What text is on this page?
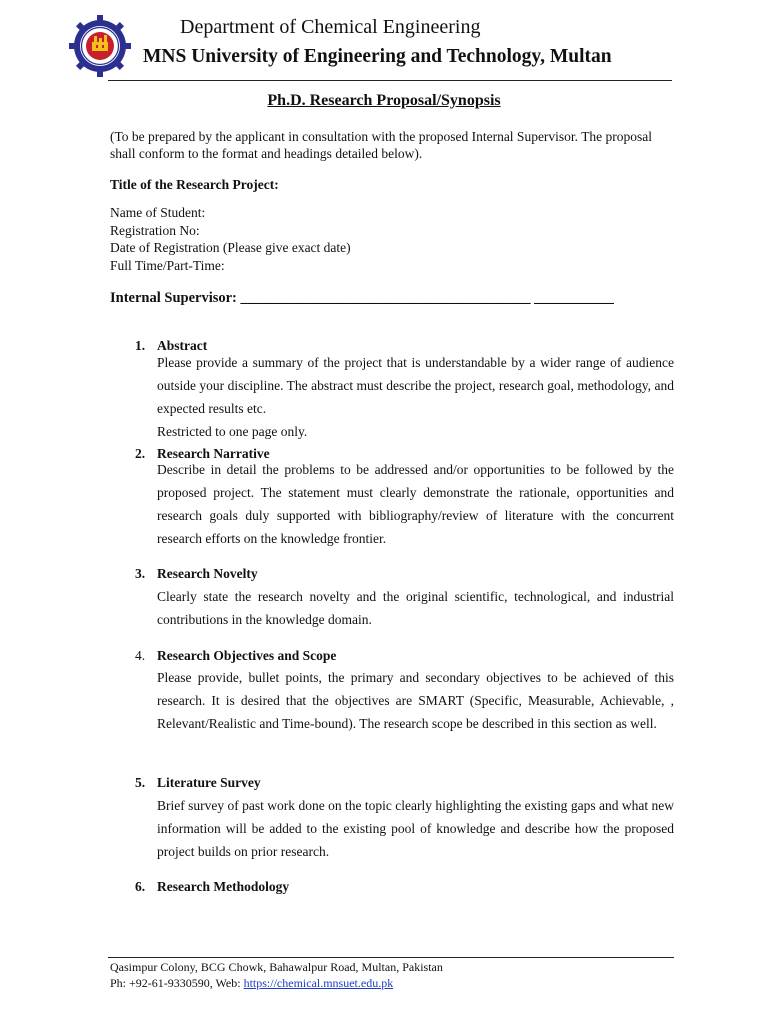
Department of Chemical Engineering
MNS University of Engineering and Technology, Multan
Ph.D. Research Proposal/Synopsis
(To be prepared by the applicant in consultation with the proposed Internal Supervisor. The proposal shall conform to the format and headings detailed below).
Title of the Research Project:
Name of Student:
Registration No:
Date of Registration (Please give exact date)
Full Time/Part-Time:
Internal Supervisor: ________________________________________ ___________
1. Abstract
Please provide a summary of the project that is understandable by a wider range of audience outside your discipline. The abstract must describe the project, research goal, methodology, and expected results etc.
Restricted to one page only.
2. Research Narrative
Describe in detail the problems to be addressed and/or opportunities to be followed by the proposed project. The statement must clearly demonstrate the rationale, opportunities and research goals duly supported with bibliography/review of literature with the concurrent research efforts on the knowledge frontier.
3. Research Novelty
Clearly state the research novelty and the original scientific, technological, and industrial contributions in the knowledge domain.
4. Research Objectives and Scope
Please provide, bullet points, the primary and secondary objectives to be achieved of this research. It is desired that the objectives are SMART (Specific, Measurable, Achievable, , Relevant/Realistic and Time-bound). The research scope be described in this section as well.
5. Literature Survey
Brief survey of past work done on the topic clearly highlighting the existing gaps and what new information will be added to the existing pool of knowledge and describe how the proposed project builds on prior research.
6. Research Methodology
Qasimpur Colony, BCG Chowk, Bahawalpur Road, Multan, Pakistan
Ph: +92-61-9330590, Web: https://chemical.mnsuet.edu.pk
